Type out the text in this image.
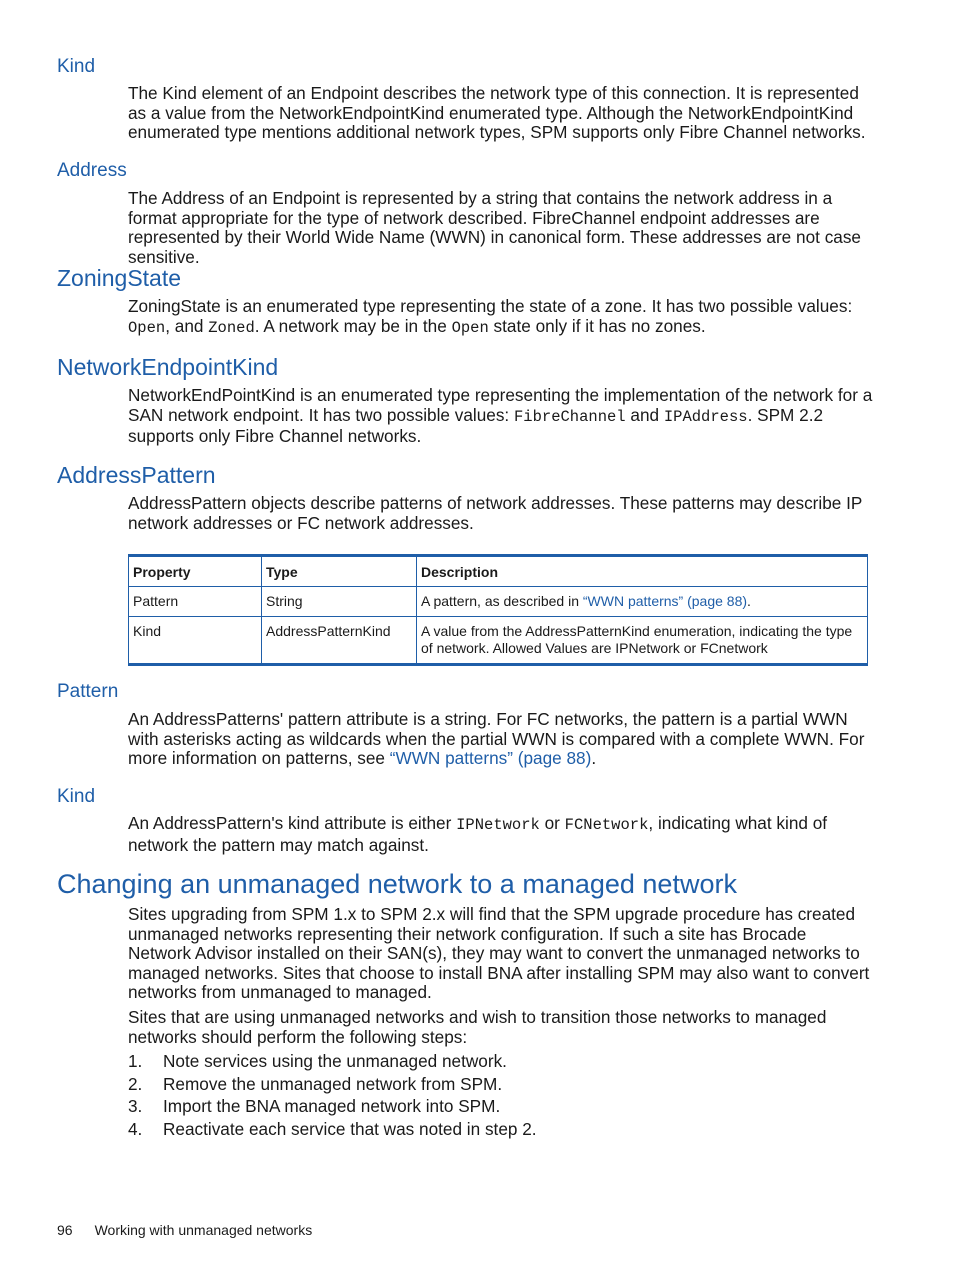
Kind

The Kind element of an Endpoint describes the network type of this connection. It is represented as a value from the NetworkEndpointKind enumerated type. Although the NetworkEndpointKind enumerated type mentions additional network types, SPM supports only Fibre Channel networks.

Address

The Address of an Endpoint is represented by a string that contains the network address in a format appropriate for the type of network described. FibreChannel endpoint addresses are represented by their World Wide Name (WWN) in canonical form. These addresses are not case sensitive.

ZoningState

ZoningState is an enumerated type representing the state of a zone. It has two possible values: Open, and Zoned. A network may be in the Open state only if it has no zones.

NetworkEndpointKind

NetworkEndPointKind is an enumerated type representing the implementation of the network for a SAN network endpoint. It has two possible values: FibreChannel and IPAddress. SPM 2.2 supports only Fibre Channel networks.

AddressPattern

AddressPattern objects describe patterns of network addresses. These patterns may describe IP network addresses or FC network addresses.

Property	Type	Description
Pattern	String	A pattern, as described in “WWN patterns” (page 88).
Kind	AddressPatternKind	A value from the AddressPatternKind enumeration, indicating the type of network. Allowed Values are IPNetwork or FCnetwork
Pattern

An AddressPatterns' pattern attribute is a string. For FC networks, the pattern is a partial WWN with asterisks acting as wildcards when the partial WWN is compared with a complete WWN. For more information on patterns, see “WWN patterns” (page 88).

Kind

An AddressPattern's kind attribute is either IPNetwork or FCNetwork, indicating what kind of network the pattern may match against.

Changing an unmanaged network to a managed network

Sites upgrading from SPM 1.x to SPM 2.x will find that the SPM upgrade procedure has created unmanaged networks representing their network configuration. If such a site has Brocade Network Advisor installed on their SAN(s), they may want to convert the unmanaged networks to managed networks. Sites that choose to install BNA after installing SPM may also want to convert networks from unmanaged to managed.

Sites that are using unmanaged networks and wish to transition those networks to managed networks should perform the following steps:

1. Note services using the unmanaged network.
2. Remove the unmanaged network from SPM.
3. Import the BNA managed network into SPM.
4. Reactivate each service that was noted in step 2.
96 Working with unmanaged networks
